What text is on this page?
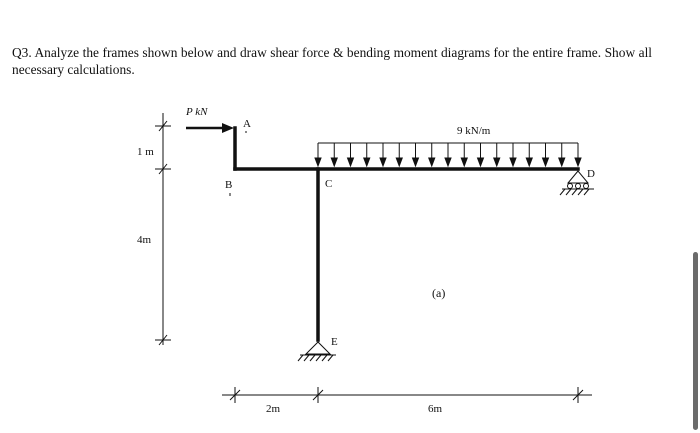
Q3. Analyze the frames shown below and draw shear force & bending moment diagrams for the entire frame. Show all necessary calculations.
P kN
9 kN/m
A
B	C
D
E
1 m
4m
2m	6m
(a)
